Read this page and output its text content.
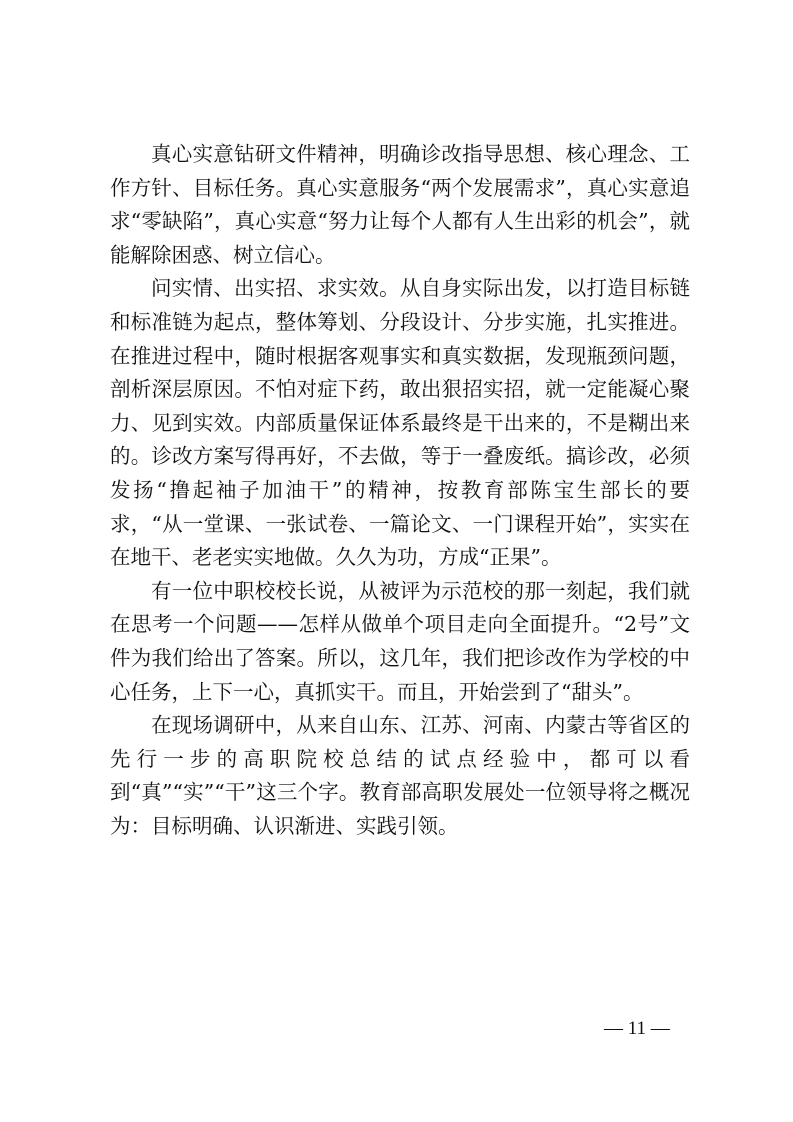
真心实意钻研文件精神，明确诊改指导思想、核心理念、工作方针、目标任务。真心实意服务“两个发展需求”，真心实意追求“零缺陷”，真心实意“努力让每个人都有人生出彩的机会”，就能解除困惑、树立信心。

问实情、出实招、求实效。从自身实际出发，以打造目标链和标准链为起点，整体筹划、分段设计、分步实施，扎实推进。在推进过程中，随时根据客观事实和真实数据，发现瓶颈问题，剖析深层原因。不怕对症下药，敢出狠招实招，就一定能凝心聚力、见到实效。内部质量保证体系最终是干出来的，不是糊出来的。诊改方案写得再好，不去做，等于一叠废纸。搞诊改，必须发扬“撸起袖子加油干”的精神，按教育部陈宝生部长的要求，“从一堂课、一张试卷、一篇论文、一门课程开始”，实实在在地干、老老实实地做。久久为功，方成“正果”。

有一位中职校校长说，从被评为示范校的那一刻起，我们就在思考一个问题——怎样从做单个项目走向全面提升。“2号”文件为我们给出了答案。所以，这几年，我们把诊改作为学校的中心任务，上下一心，真抓实干。而且，开始尝到了“甜头”。

在现场调研中，从来自山东、江苏、河南、内蒙古等省区的先行一步的高职院校总结的试点经验中，都可以看到“真”“实”“干”这三个字。教育部高职发展处一位领导将之概况为：目标明确、认识渐进、实践引领。

— 11 —
